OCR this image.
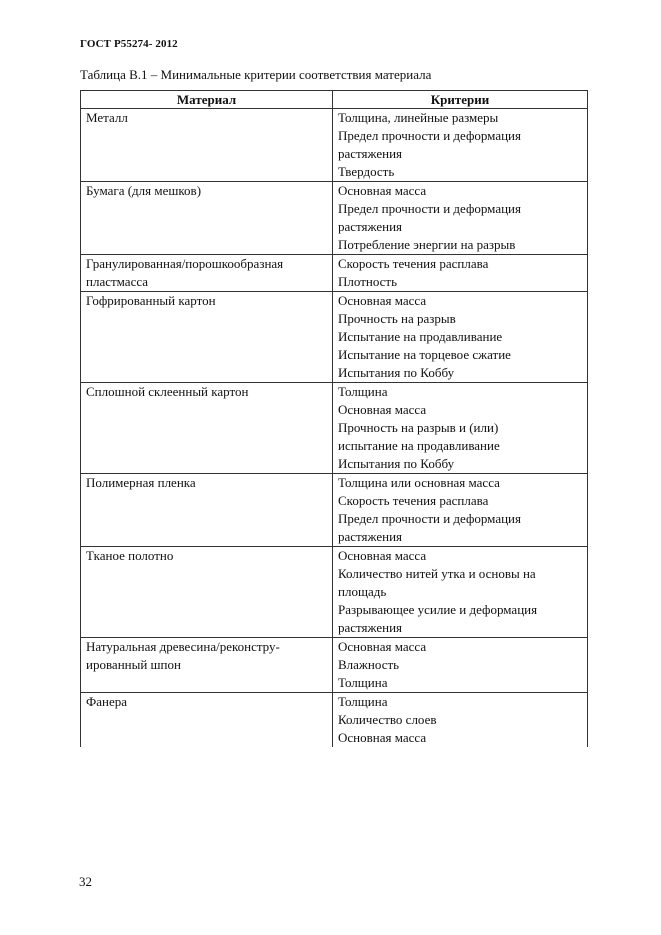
ГОСТ Р55274- 2012
Таблица В.1 – Минимальные критерии соответствия материала
Материал	Критерии

Металл	Толщина, линейные размеры
Предел прочности и деформация
растяжения
Твердость

Бумага (для мешков)	Основная масса
Предел прочности и деформация
растяжения
Потребление энергии на разрыв

Гранулированная/порошкообразная
пластмасса	Скорость течения расплава
Плотность

Гофрированный картон	Основная масса
Прочность на разрыв
Испытание на продавливание
Испытание на торцевое сжатие
Испытания по Коббу

Сплошной склеенный картон	Толщина
Основная масса
Прочность на разрыв и (или)
испытание на продавливание
Испытания по Коббу

Полимерная пленка	Толщина или основная масса
Скорость течения расплава
Предел прочности и деформация
растяжения

Тканое полотно	Основная масса
Количество нитей утка и основы на
площадь
Разрывающее усилие и деформация
растяжения

Натуральная древесина/реконстру-
ированный шпон	Основная масса
Влажность
Толщина

Фанера	Толщина
Количество слоев
Основная масса
32
